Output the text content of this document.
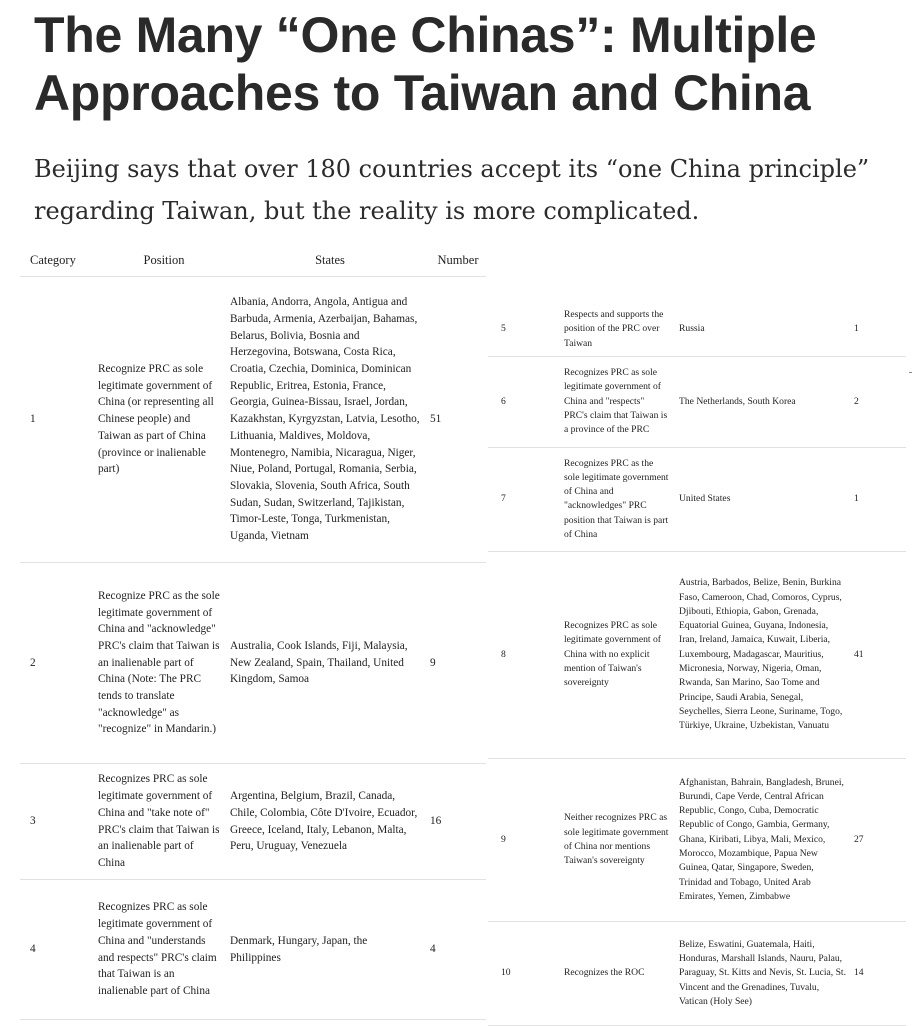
The Many “One Chinas”: Multiple Approaches to Taiwan and China

Beijing says that over 180 countries accept its “one China principle” regarding Taiwan, but the reality is more complicated.

Category	Position	States	Number
1	Recognize PRC as sole legitimate government of China (or representing all Chinese people) and Taiwan as part of China (province or inalienable part)	Albania, Andorra, Angola, Antigua and Barbuda, Armenia, Azerbaijan, Bahamas, Belarus, Bolivia, Bosnia and Herzegovina, Botswana, Costa Rica, Croatia, Czechia, Dominica, Dominican Republic, Eritrea, Estonia, France, Georgia, Guinea-Bissau, Israel, Jordan, Kazakhstan, Kyrgyzstan, Latvia, Lesotho, Lithuania, Maldives, Moldova, Montenegro, Namibia, Nicaragua, Niger, Niue, Poland, Portugal, Romania, Serbia, Slovakia, Slovenia, South Africa, South Sudan, Sudan, Switzerland, Tajikistan, Timor-Leste, Tonga, Turkmenistan, Uganda, Vietnam	51
2	Recognize PRC as the sole legitimate government of China and "acknowledge" PRC's claim that Taiwan is an inalienable part of China (Note: The PRC tends to translate "acknowledge" as "recognize" in Mandarin.)	Australia, Cook Islands, Fiji, Malaysia, New Zealand, Spain, Thailand, United Kingdom, Samoa	9
3	Recognizes PRC as sole legitimate government of China and "take note of" PRC's claim that Taiwan is an inalienable part of China	Argentina, Belgium, Brazil, Canada, Chile, Colombia, Côte D'Ivoire, Ecuador, Greece, Iceland, Italy, Lebanon, Malta, Peru, Uruguay, Venezuela	16
4	Recognizes PRC as sole legitimate government of China and "understands and respects" PRC's claim that Taiwan is an inalienable part of China	Denmark, Hungary, Japan, the Philippines	4
5	Respects and supports the position of the PRC over Taiwan	Russia	1
6	Recognizes PRC as sole legitimate government of China and "respects" PRC's claim that Taiwan is a province of the PRC	The Netherlands, South Korea	2
7	Recognizes PRC as the sole legitimate government of China and "acknowledges" PRC position that Taiwan is part of China	United States	1
8	Recognizes PRC as sole legitimate government of China with no explicit mention of Taiwan's sovereignty	Austria, Barbados, Belize, Benin, Burkina Faso, Cameroon, Chad, Comoros, Cyprus, Djibouti, Ethiopia, Gabon, Grenada, Equatorial Guinea, Guyana, Indonesia, Iran, Ireland, Jamaica, Kuwait, Liberia, Luxembourg, Madagascar, Mauritius, Micronesia, Norway, Nigeria, Oman, Rwanda, San Marino, Sao Tome and Principe, Saudi Arabia, Senegal, Seychelles, Sierra Leone, Suriname, Togo, Türkiye, Ukraine, Uzbekistan, Vanuatu	41
9	Neither recognizes PRC as sole legitimate government of China nor mentions Taiwan's sovereignty	Afghanistan, Bahrain, Bangladesh, Brunei, Burundi, Cape Verde, Central African Republic, Congo, Cuba, Democratic Republic of Congo, Gambia, Germany, Ghana, Kiribati, Libya, Mali, Mexico, Morocco, Mozambique, Papua New Guinea, Qatar, Singapore, Sweden, Trinidad and Tobago, United Arab Emirates, Yemen, Zimbabwe	27
10	Recognizes the ROC	Belize, Eswatini, Guatemala, Haiti, Honduras, Marshall Islands, Nauru, Palau, Paraguay, St. Kitts and Nevis, St. Lucia, St. Vincent and the Grenadines, Tuvalu, Vatican (Holy See)	14
